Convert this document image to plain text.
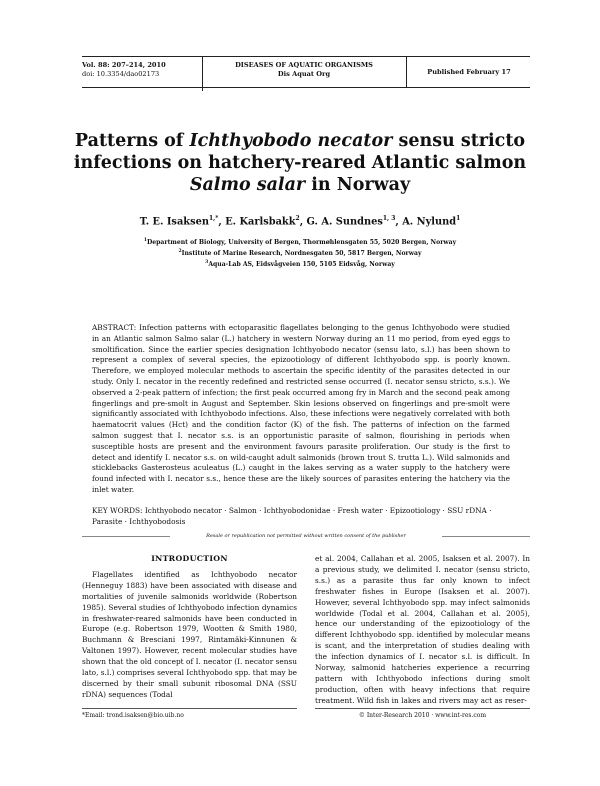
Vol. 88: 207–214, 2010
doi: 10.3354/dao02173
DISEASES OF AQUATIC ORGANISMS
Dis Aquat Org	Published February 17
Patterns of Ichthyobodo necator sensu stricto infections on hatchery-reared Atlantic salmon Salmo salar in Norway
T. E. Isaksen$^{1,*}$, E. Karlsbakk$^2$, G. A. Sundnes$^{1, 3}$, A. Nylund$^1$
$^1$Department of Biology, University of Bergen, Thormøhlensgaten 55, 5020 Bergen, Norway
$^2$Institute of Marine Research, Nordnesgaten 50, 5817 Bergen, Norway
$^3$Aqua-Lab AS, Eidsvågveien 150, 5105 Eidsvåg, Norway
ABSTRACT: Infection patterns with ectoparasitic flagellates belonging to the genus Ichthyobodo were studied in an Atlantic salmon Salmo salar (L.) hatchery in western Norway during an 11 mo period, from eyed eggs to smoltification. Since the earlier species designation Ichthyobodo necator (sensu lato, s.l.) has been shown to represent a complex of several species, the epizootiology of different Ichthyobodo spp. is poorly known. Therefore, we employed molecular methods to ascertain the specific identity of the parasites detected in our study. Only I. necator in the recently redefined and restricted sense occurred (I. necator sensu stricto, s.s.). We observed a 2-peak pattern of infection; the first peak occurred among fry in March and the second peak among fingerlings and pre-smolt in August and September. Skin lesions observed on fingerlings and pre-smolt were significantly associated with Ichthyobodo infections. Also, these infections were negatively correlated with both haematocrit values (Hct) and the condition factor (K) of the fish. The patterns of infection on the farmed salmon suggest that I. necator s.s. is an opportunistic parasite of salmon, flourishing in periods when susceptible hosts are present and the environment favours parasite proliferation. Our study is the first to detect and identify I. necator s.s. on wild-caught adult salmonids (brown trout S. trutta L.). Wild salmonids and sticklebacks Gasterosteus aculeatus (L.) caught in the lakes serving as a water supply to the hatchery were found infected with I. necator s.s., hence these are the likely sources of parasites entering the hatchery via the inlet water.
KEY WORDS: Ichthyobodo necator · Salmon · Ichthyobodonidae · Fresh water · Epizootiology · SSU rDNA · Parasite · Ichthyobodosis
Resale or republication not permitted without written consent of the publisher
INTRODUCTION

Flagellates identified as Ichthyobodo necator (Henneguy 1883) have been associated with disease and mortalities of juvenile salmonids worldwide (Robertson 1985). Several studies of Ichthyobodo infection dynamics in freshwater-reared salmonids have been conducted in Europe (e.g. Robertson 1979, Wootten & Smith 1980, Buchmann & Bresciani 1997, Rintamäki-Kinnunen & Valtonen 1997). However, recent molecular studies have shown that the old concept of I. necator (I. necator sensu lato, s.l.) comprises several Ichthyobodo spp. that may be discerned by their small subunit ribosomal DNA (SSU rDNA) sequences (Todal

et al. 2004, Callahan et al. 2005, Isaksen et al. 2007). In a previous study, we delimited I. necator (sensu stricto, s.s.) as a parasite thus far only known to infect freshwater fishes in Europe (Isaksen et al. 2007). However, several Ichthyobodo spp. may infect salmonids worldwide (Todal et al. 2004, Callahan et al. 2005), hence our understanding of the epizootiology of the different Ichthyobodo spp. identified by molecular means is scant, and the interpretation of studies dealing with the infection dynamics of I. necator s.l. is difficult. In Norway, salmonid hatcheries experience a recurring pattern with Ichthyobodo infections during smolt production, often with heavy infections that require treatment. Wild fish in lakes and rivers may act as reser-

*Email: trond.isaksen@bio.uib.no	© Inter-Research 2010 · www.int-res.com
